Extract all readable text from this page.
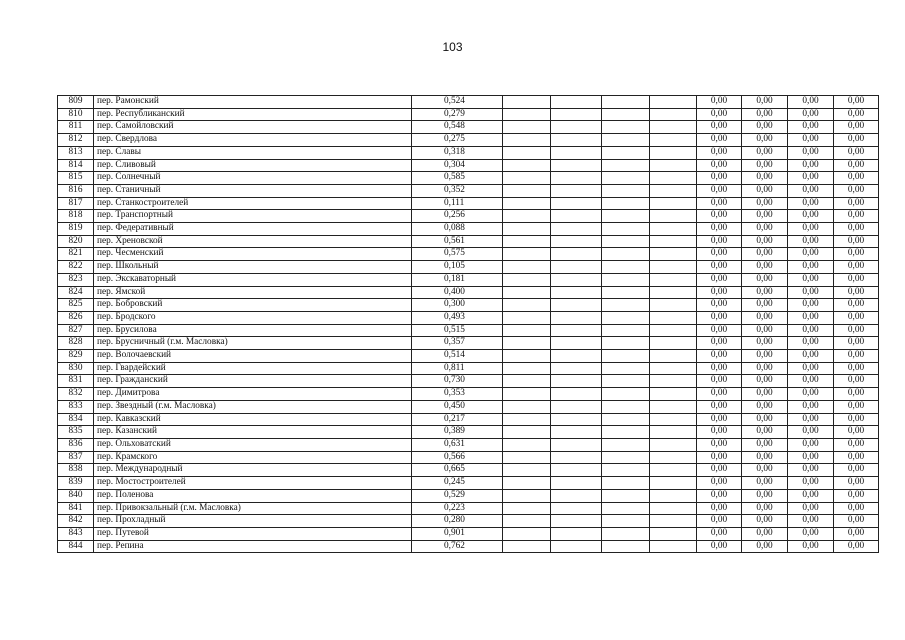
103
809	пер. Рамонский	0,524					0,00	0,00	0,00	0,00
810	пер. Республиканский	0,279					0,00	0,00	0,00	0,00
811	пер. Самойловский	0,548					0,00	0,00	0,00	0,00
812	пер. Свердлова	0,275					0,00	0,00	0,00	0,00
813	пер. Славы	0,318					0,00	0,00	0,00	0,00
814	пер. Сливовый	0,304					0,00	0,00	0,00	0,00
815	пер. Солнечный	0,585					0,00	0,00	0,00	0,00
816	пер. Станичный	0,352					0,00	0,00	0,00	0,00
817	пер. Станкостроителей	0,111					0,00	0,00	0,00	0,00
818	пер. Транспортный	0,256					0,00	0,00	0,00	0,00
819	пер. Федеративный	0,088					0,00	0,00	0,00	0,00
820	пер. Хреновской	0,561					0,00	0,00	0,00	0,00
821	пер. Чесменский	0,575					0,00	0,00	0,00	0,00
822	пер. Школьный	0,105					0,00	0,00	0,00	0,00
823	пер. Экскаваторный	0,181					0,00	0,00	0,00	0,00
824	пер. Ямской	0,400					0,00	0,00	0,00	0,00
825	пер. Бобровский	0,300					0,00	0,00	0,00	0,00
826	пер. Бродского	0,493					0,00	0,00	0,00	0,00
827	пер. Брусилова	0,515					0,00	0,00	0,00	0,00
828	пер. Брусничный (г.м. Масловка)	0,357					0,00	0,00	0,00	0,00
829	пер. Волочаевский	0,514					0,00	0,00	0,00	0,00
830	пер. Гвардейский	0,811					0,00	0,00	0,00	0,00
831	пер. Гражданский	0,730					0,00	0,00	0,00	0,00
832	пер. Димитрова	0,353					0,00	0,00	0,00	0,00
833	пер. Звездный (г.м. Масловка)	0,450					0,00	0,00	0,00	0,00
834	пер. Кавказский	0,217					0,00	0,00	0,00	0,00
835	пер. Казанский	0,389					0,00	0,00	0,00	0,00
836	пер. Ольховатский	0,631					0,00	0,00	0,00	0,00
837	пер. Крамского	0,566					0,00	0,00	0,00	0,00
838	пер. Международный	0,665					0,00	0,00	0,00	0,00
839	пер. Мостостроителей	0,245					0,00	0,00	0,00	0,00
840	пер. Поленова	0,529					0,00	0,00	0,00	0,00
841	пер. Привокзальный (г.м. Масловка)	0,223					0,00	0,00	0,00	0,00
842	пер. Прохладный	0,280					0,00	0,00	0,00	0,00
843	пер. Путевой	0,901					0,00	0,00	0,00	0,00
844	пер. Репина	0,762					0,00	0,00	0,00	0,00
